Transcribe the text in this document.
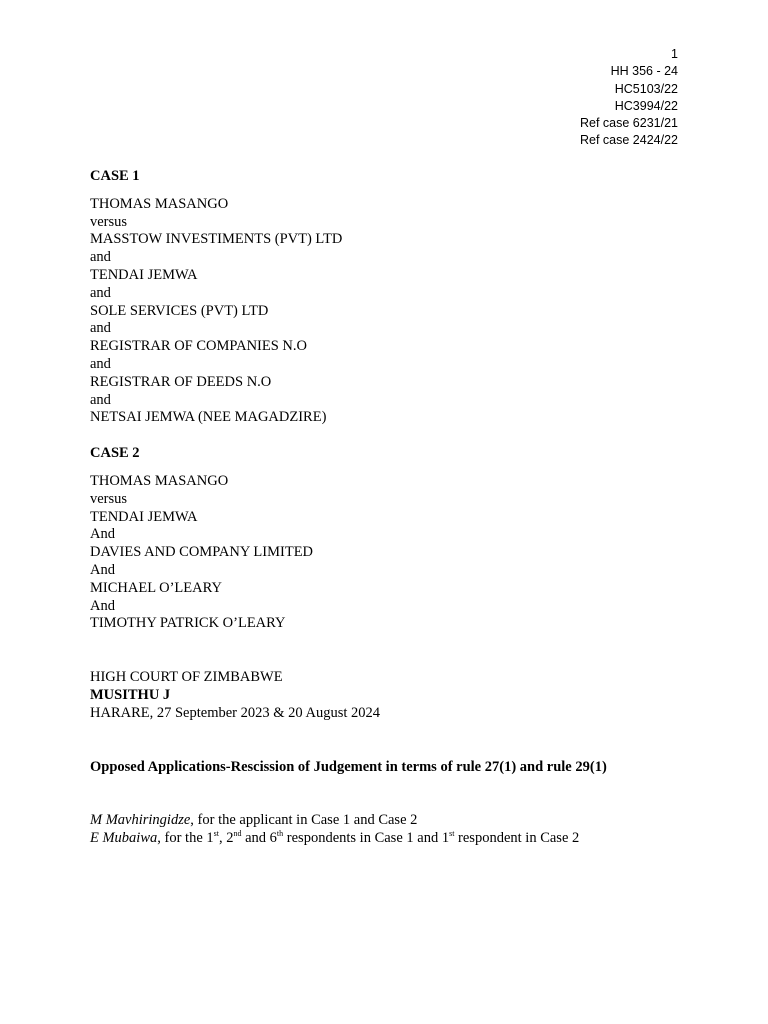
1
HH 356 - 24
HC5103/22
HC3994/22
Ref case 6231/21
Ref case 2424/22
CASE 1
THOMAS MASANGO
versus
MASSTOW INVESTIMENTS (PVT) LTD
and
TENDAI JEMWA
and
SOLE SERVICES (PVT) LTD
and
REGISTRAR OF COMPANIES N.O
and
REGISTRAR OF DEEDS N.O
and
NETSAI JEMWA (NEE MAGADZIRE)
CASE 2
THOMAS MASANGO
versus
TENDAI JEMWA
And
DAVIES AND COMPANY LIMITED
And
MICHAEL O’LEARY
And
TIMOTHY PATRICK O’LEARY
HIGH COURT OF ZIMBABWE
MUSITHU J
HARARE, 27 September 2023 & 20 August 2024
Opposed Applications-Rescission of Judgement in terms of rule 27(1) and rule 29(1)
M Mavhiringidze, for the applicant in Case 1 and Case 2
E Mubaiwa, for the 1st, 2nd and 6th respondents in Case 1 and 1st respondent in Case 2
